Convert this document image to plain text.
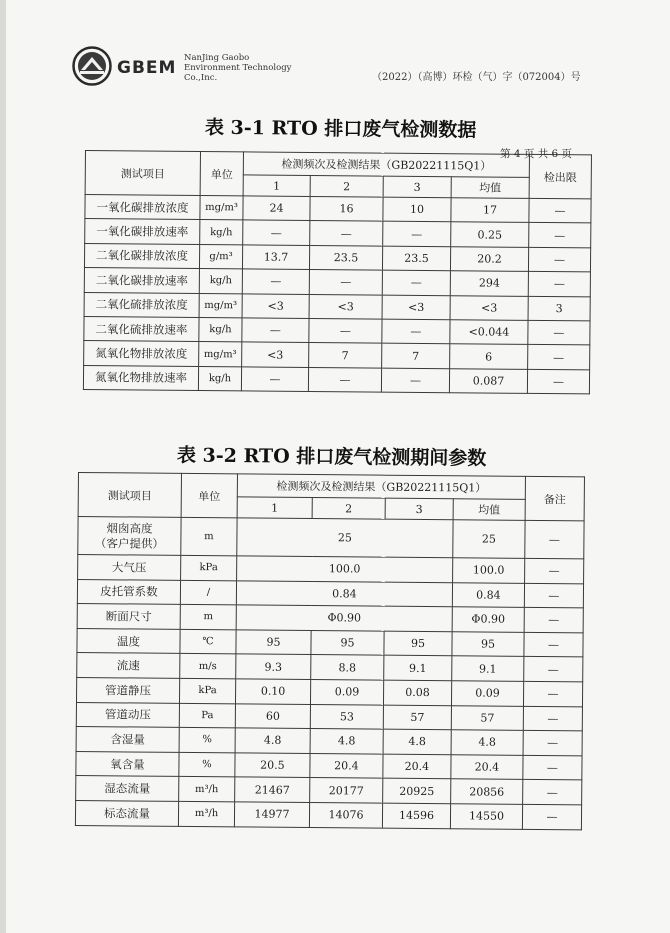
GBEM NanJing Gaobo
Environment Technology
Co.,Inc.	（2022）（高博）环检（气）字（072004）号
表 3-1 RTO 排口废气检测数据
第 4 页 共 6 页
测试项目	单位	检测频次及检测结果（GB20221115Q1）				检出限
		1	2	3	均值	
一氧化碳排放浓度	mg/m³	24	16	10	17	—
一氧化碳排放速率	kg/h	—	—	—	0.25	—
二氧化碳排放浓度	g/m³	13.7	23.5	23.5	20.2	—
二氧化碳排放速率	kg/h	—	—	—	294	—
二氧化硫排放浓度	mg/m³	<3	<3	<3	<3	3
二氧化硫排放速率	kg/h	—	—	—	<0.044	—
氮氧化物排放浓度	mg/m³	<3	7	7	6	—
氮氧化物排放速率	kg/h	—	—	—	0.087	—
表 3-2 RTO 排口废气检测期间参数
测试项目	单位	检测频次及检测结果（GB20221115Q1）				备注
		1	2	3	均值	

烟囱高度
（客户提供）	m	25			25	—
大气压	kPa	100.0			100.0	—
皮托管系数	/	0.84			0.84	—
断面尺寸	m	Φ0.90			Φ0.90	—
温度	℃	95	95	95	95	—
流速	m/s	9.3	8.8	9.1	9.1	—
管道静压	kPa	0.10	0.09	0.08	0.09	—
管道动压	Pa	60	53	57	57	—
含湿量	%	4.8	4.8	4.8	4.8	—
氧含量	%	20.5	20.4	20.4	20.4	—
湿态流量	m³/h	21467	20177	20925	20856	—
标态流量	m³/h	14977	14076	14596	14550	—
